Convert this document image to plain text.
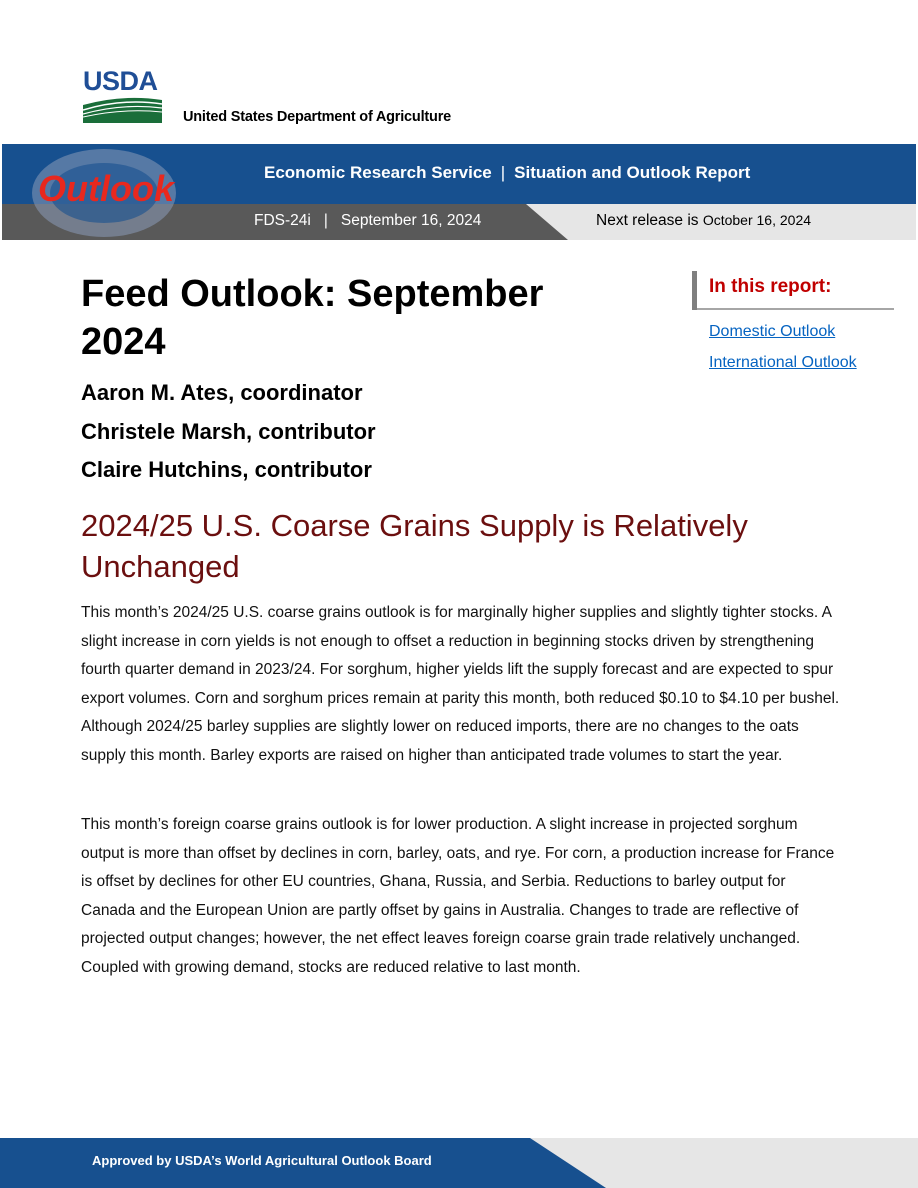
USDA
United States Department of Agriculture
Outlook	Economic Research Service | Situation and Outlook Report
FDS-24i | September 16, 2024	Next release is October 16, 2024
Feed Outlook: September
2024

Aaron M. Ates, coordinator

Christele Marsh, contributor

Claire Hutchins, contributor

In this report:
Domestic Outlook
International Outlook
2024/25 U.S. Coarse Grains Supply is Relatively Unchanged

This month’s 2024/25 U.S. coarse grains outlook is for marginally higher supplies and slightly tighter stocks. A slight increase in corn yields is not enough to offset a reduction in beginning stocks driven by strengthening fourth quarter demand in 2023/24. For sorghum, higher yields lift the supply forecast and are expected to spur export volumes. Corn and sorghum prices remain at parity this month, both reduced $0.10 to $4.10 per bushel. Although 2024/25 barley supplies are slightly lower on reduced imports, there are no changes to the oats supply this month. Barley exports are raised on higher than anticipated trade volumes to start the year.

This month’s foreign coarse grains outlook is for lower production. A slight increase in projected sorghum output is more than offset by declines in corn, barley, oats, and rye. For corn, a production increase for France is offset by declines for other EU countries, Ghana, Russia, and Serbia. Reductions to barley output for Canada and the European Union are partly offset by gains in Australia. Changes to trade are reflective of projected output changes; however, the net effect leaves foreign coarse grain trade relatively unchanged. Coupled with growing demand, stocks are reduced relative to last month.

Approved by USDA’s World Agricultural Outlook Board
